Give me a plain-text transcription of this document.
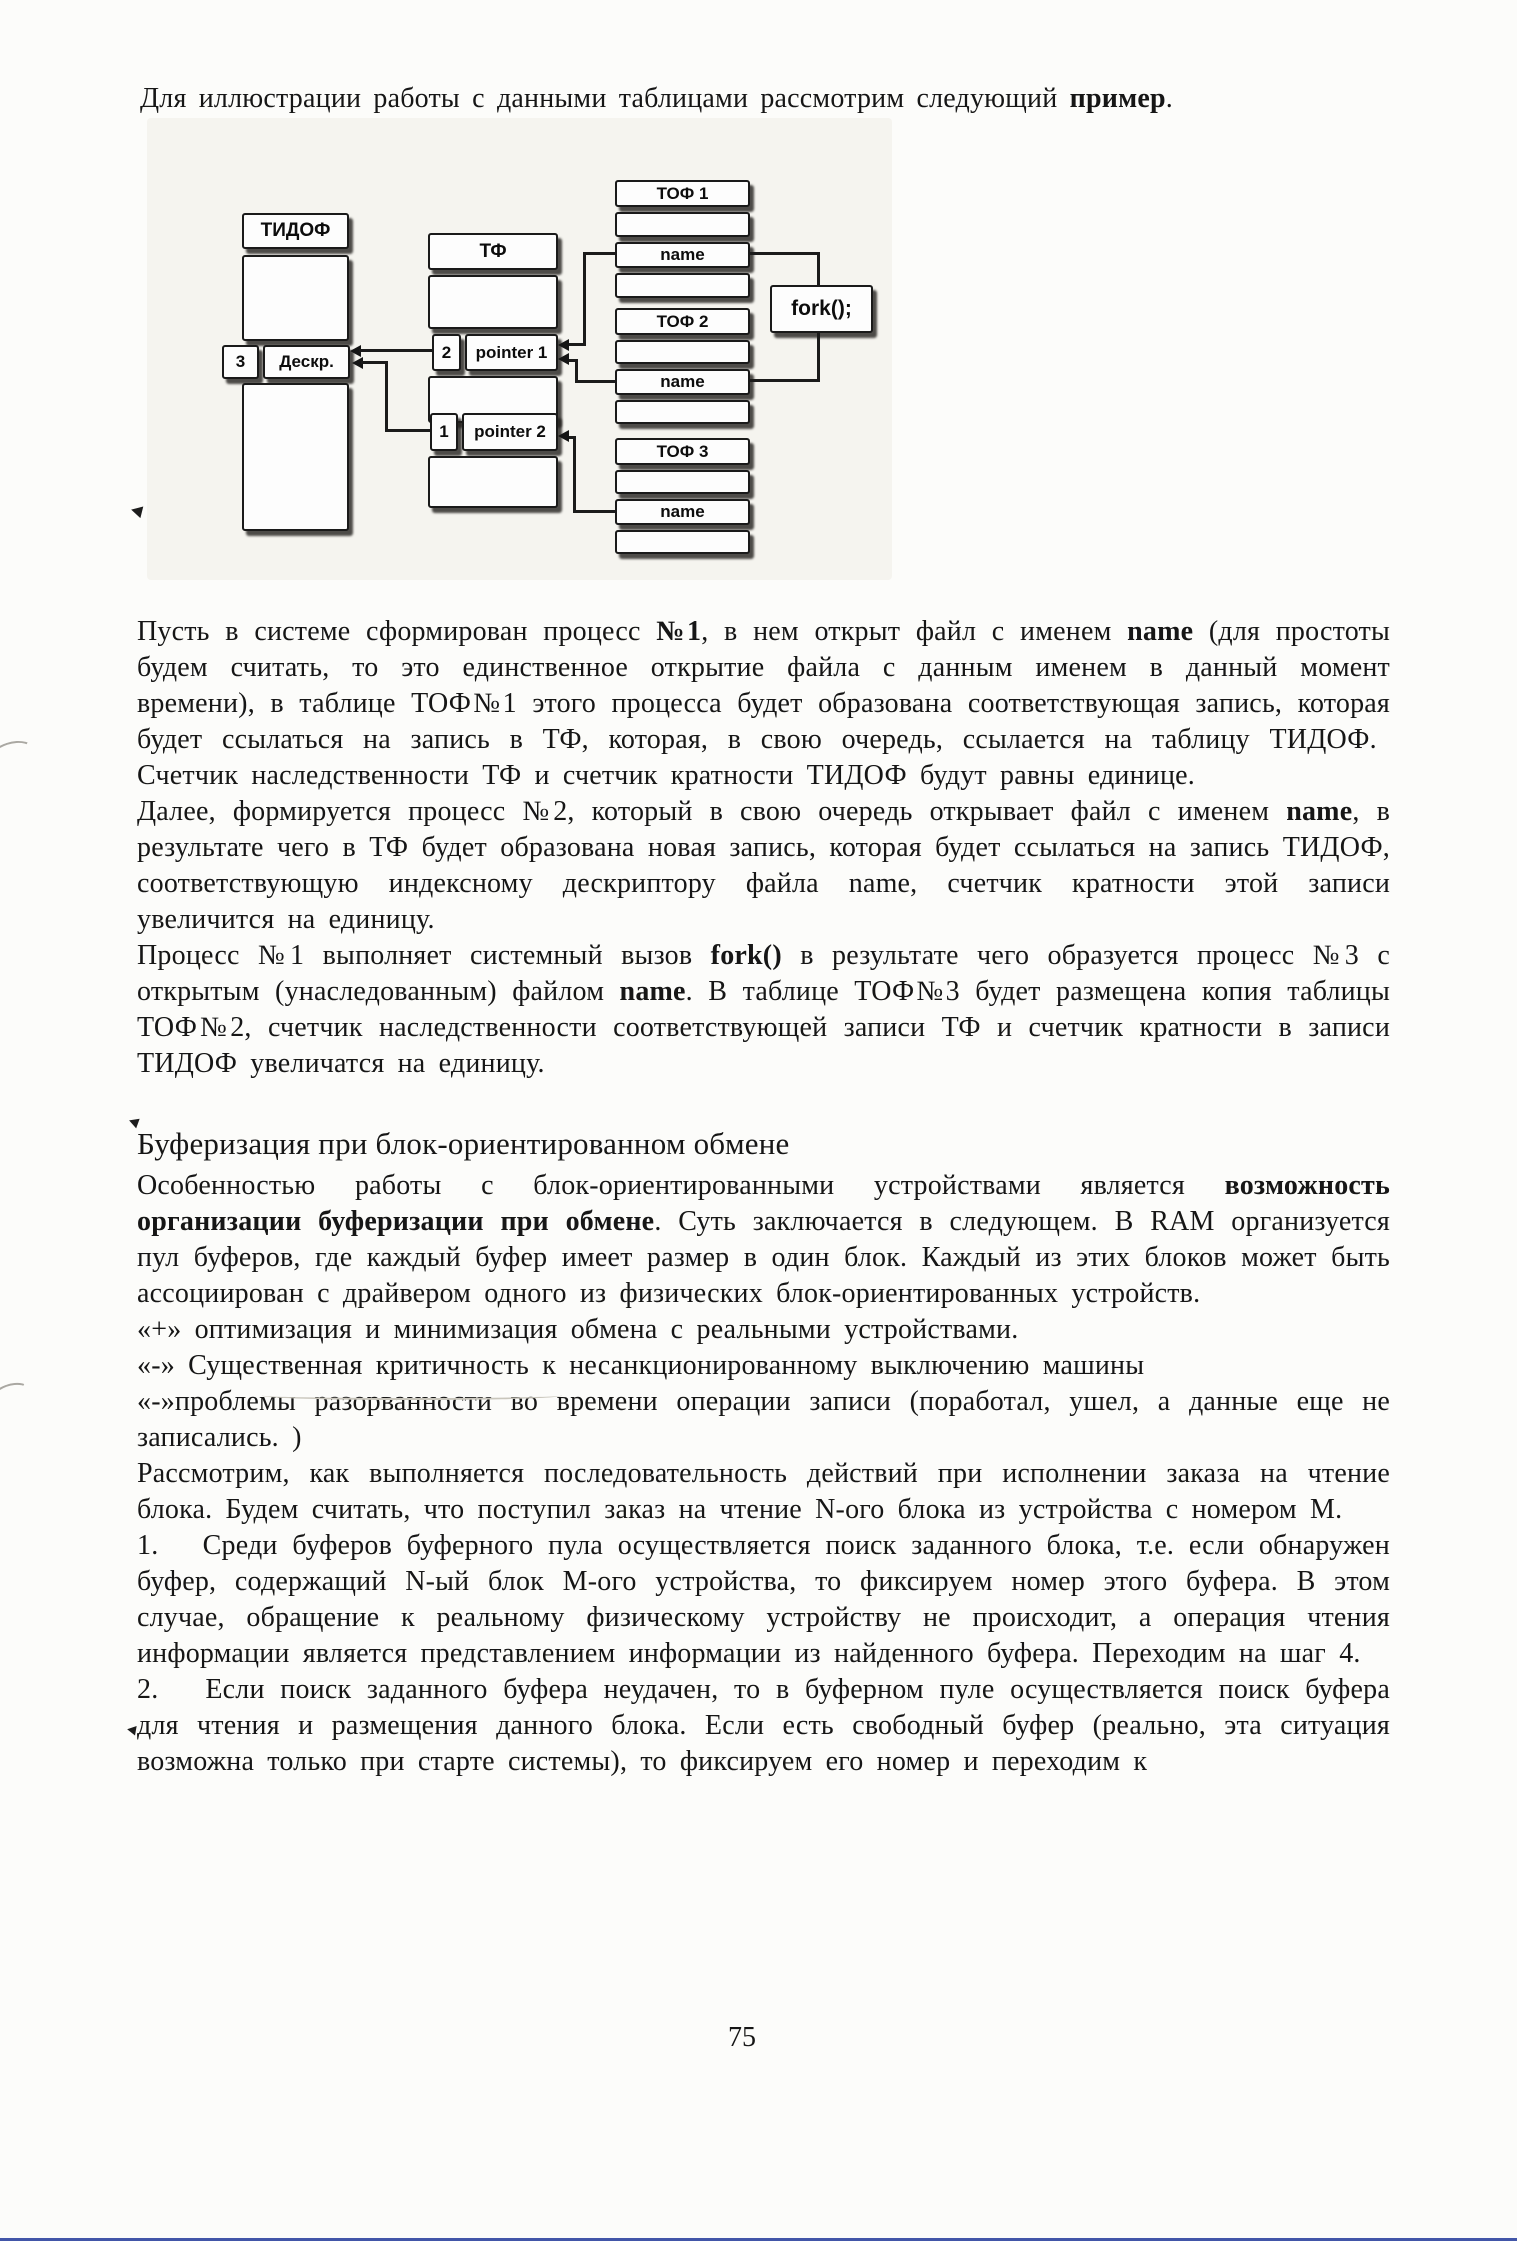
Для иллюстрации работы с данными таблицами рассмотрим следующий пример.

ТИДОФ
3	Дескр.
ТФ
2	pointer 1
1	pointer 2
ТОФ 1
name
ТОФ 2
name
ТОФ 3
name
fork();

Пусть в системе сформирован процесс №1, в нем открыт файл с именем name (для простоты будем считать, то это единственное открытие файла с данным именем в данный момент времени), в таблице ТОФ№1 этого процесса будет образована соответствующая запись, которая будет ссылаться на запись в ТФ, которая, в свою очередь, ссылается на таблицу ТИДОФ.  Счетчик наследственности ТФ и счетчик кратности ТИДОФ будут равны единице.

Далее, формируется процесс №2, который в свою очередь открывает файл с именем name, в результате чего в ТФ будет образована новая запись, которая будет ссылаться на запись ТИДОФ, соответствующую индексному дескриптору файла name, счетчик кратности этой записи увеличится на единицу.

Процесс №1 выполняет системный вызов fork() в результате чего образуется процесс №3 с открытым (унаследованным) файлом name. В таблице ТОФ№3 будет размещена копия таблицы ТОФ№2, счетчик наследственности соответствующей записи ТФ и счетчик кратности в записи ТИДОФ увеличатся на единицу.

Буферизация при блок-ориентированном обмене

Особенностью работы с блок-ориентированными устройствами является возможность организации буферизации при обмене. Суть заключается в следующем. В RAM организуется пул буферов, где каждый буфер имеет размер в один блок. Каждый из этих блоков может быть ассоциирован с драйвером одного из физических блок-ориентированных устройств.

«+» оптимизация и минимизация обмена с реальными устройствами.

«-» Существенная критичность к несанкционированному выключению машины

«-»проблемы разорванности во времени операции записи (поработал, ушел, а данные еще не записались. )

Рассмотрим, как выполняется последовательность действий при исполнении заказа на чтение блока. Будем считать, что поступил заказ на чтение N-ого блока из устройства с номером М.

1.   Среди буферов буферного пула осуществляется поиск заданного блока, т.е. если обнаружен буфер, содержащий N-ый блок М-ого устройства, то фиксируем номер этого буфера. В этом случае, обращение к реальному физическому устройству не происходит, а операция чтения информации является представлением информации из найденного буфера. Переходим на шаг 4.

2.   Если поиск заданного буфера неудачен, то в буферном пуле осуществляется поиск буфера для чтения и размещения данного блока. Если есть свободный буфер (реально, эта ситуация возможна только при старте системы), то фиксируем его номер и переходим к

75
